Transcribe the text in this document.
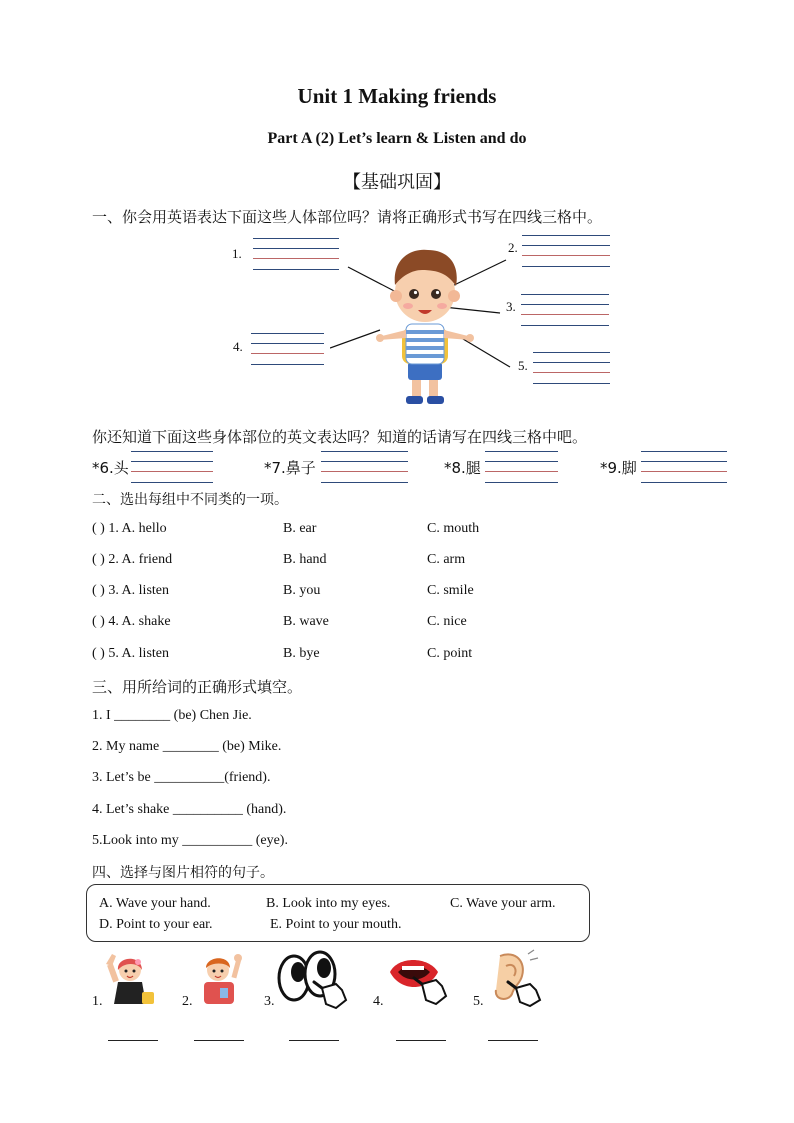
Unit 1 Making friends
Part A (2) Let’s learn & Listen and do
【基础巩固】
一、你会用英语表达下面这些人体部位吗？请将正确形式书写在四线三格中。
1.	2.
3.
4.
5.
你还知道下面这些身体部位的英文表达吗？知道的话请写在四线三格中吧。
*6.头	*7.鼻子	*8.腿	*9.脚
二、选出每组中不同类的一项。
( ) 1. A. hello	B. ear	C. mouth
( ) 2. A. friend	B. hand	C. arm
( ) 3. A. listen	B. you	C. smile
( ) 4. A. shake	B. wave	C. nice
( ) 5. A. listen	B. bye	C. point
三、用所给词的正确形式填空。
1. I ________ (be) Chen Jie.
2. My name ________ (be) Mike.
3. Let’s be __________(friend).
4. Let’s shake __________ (hand).
5.Look into my __________ (eye).
四、选择与图片相符的句子。
A. Wave your hand.	B. Look into my eyes.	C. Wave your arm.
D. Point to your ear.	E. Point to your mouth.
1.	2.	3.	4.	5.
